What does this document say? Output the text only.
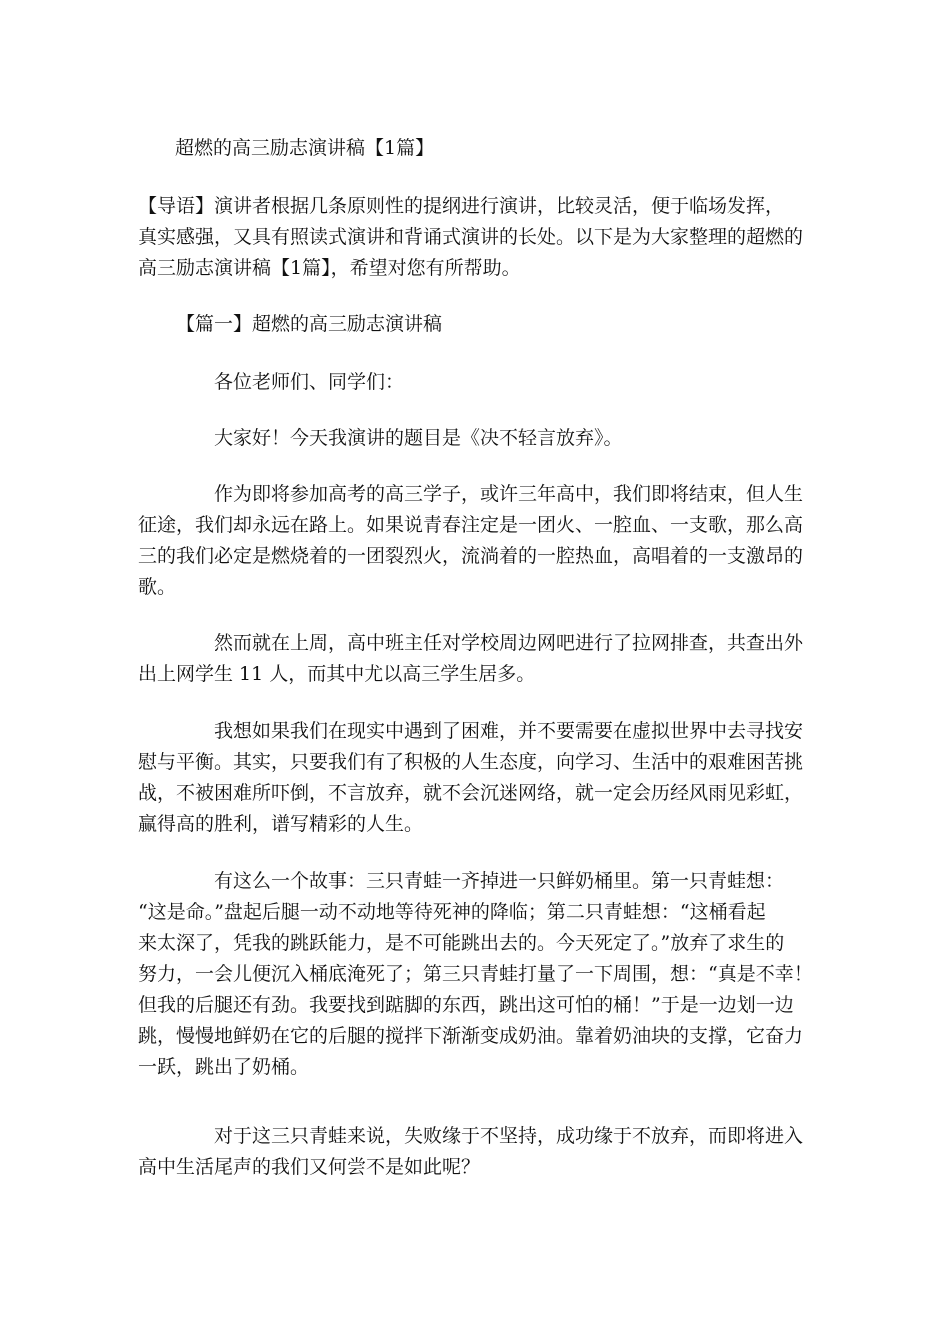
超燃的高三励志演讲稿【1篇】

【导语】演讲者根据几条原则性的提纲进行演讲，比较灵活，便于临场发挥，
真实感强，又具有照读式演讲和背诵式演讲的长处。以下是为大家整理的超燃的
高三励志演讲稿【1篇】，希望对您有所帮助。

【篇一】超燃的高三励志演讲稿

各位老师们、同学们：

大家好！今天我演讲的题目是《决不轻言放弃》。

作为即将参加高考的高三学子，或许三年高中，我们即将结束，但人生
征途，我们却永远在路上。如果说青春注定是一团火、一腔血、一支歌，那么高
三的我们必定是燃烧着的一团裂烈火，流淌着的一腔热血，高唱着的一支激昂的
歌。

然而就在上周，高中班主任对学校周边网吧进行了拉网排查，共查出外
出上网学生 11 人，而其中尤以高三学生居多。

我想如果我们在现实中遇到了困难，并不要需要在虚拟世界中去寻找安
慰与平衡。其实，只要我们有了积极的人生态度，向学习、生活中的艰难困苦挑
战，不被困难所吓倒，不言放弃，就不会沉迷网络，就一定会历经风雨见彩虹，
赢得高的胜利，谱写精彩的人生。

有这么一个故事：三只青蛙一齐掉进一只鲜奶桶里。第一只青蛙想：
“这是命。”盘起后腿一动不动地等待死神的降临；第二只青蛙想：“这桶看起
来太深了，凭我的跳跃能力，是不可能跳出去的。今天死定了。”放弃了求生的
努力，一会儿便沉入桶底淹死了；第三只青蛙打量了一下周围，想：“真是不幸！
但我的后腿还有劲。我要找到踮脚的东西，跳出这可怕的桶！”于是一边划一边
跳，慢慢地鲜奶在它的后腿的搅拌下渐渐变成奶油。靠着奶油块的支撑，它奋力
一跃，跳出了奶桶。

对于这三只青蛙来说，失败缘于不坚持，成功缘于不放弃，而即将进入
高中生活尾声的我们又何尝不是如此呢？
